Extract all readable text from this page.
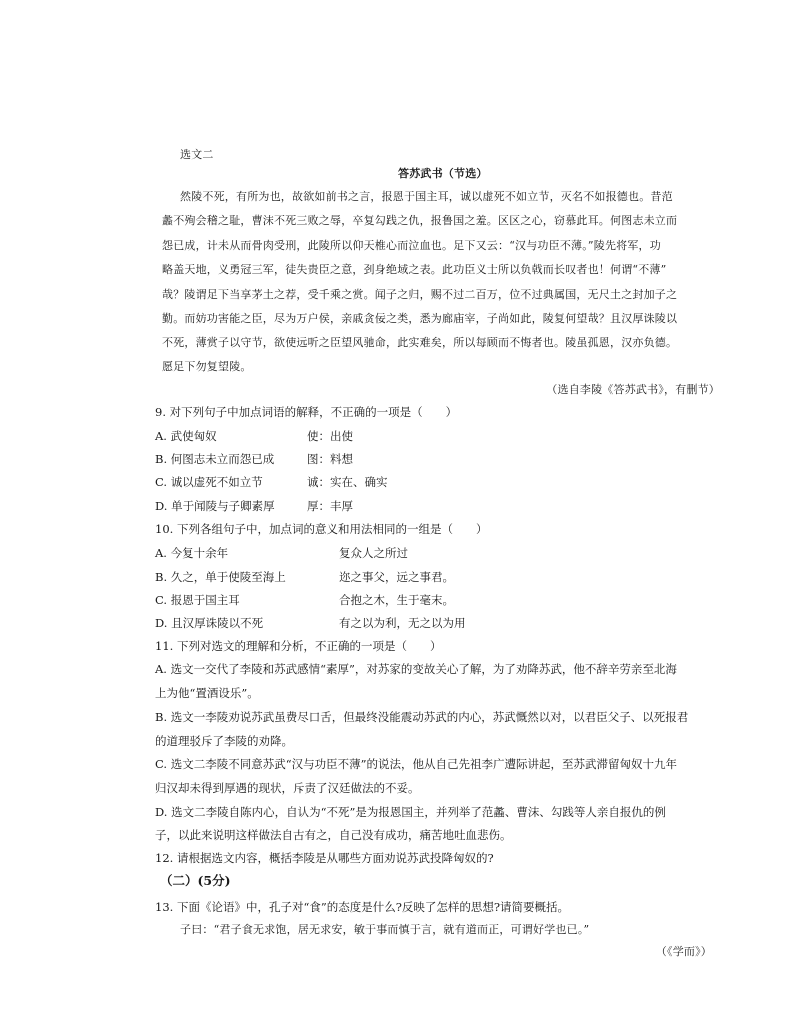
选文二
答苏武书（节选）
然陵不死，有所为也，故欲如前书之言，报恩于国主耳，诚以虚死不如立节，灭名不如报德也。昔范
蠡不殉会稽之耻，曹沫不死三败之辱，卒复勾践之仇，报鲁国之羞。区区之心，窃慕此耳。何图志未立而
怨已成，计未从而骨肉受刑，此陵所以仰天椎心而泣血也。足下又云：“汉与功臣不薄。”陵先将军，功
略盖天地，义勇冠三军，徒失贵臣之意，刭身绝域之表。此功臣义士所以负戟而长叹者也！何谓“不薄”
哉？陵谓足下当享茅土之荐，受千乘之赏。闻子之归，赐不过二百万，位不过典属国，无尺土之封加子之
勤。而妨功害能之臣，尽为万户侯，亲戚贪佞之类，悉为廊庙宰，子尚如此，陵复何望哉？且汉厚诛陵以
不死，薄赏子以守节，欲使远听之臣望风驰命，此实难矣，所以每顾而不悔者也。陵虽孤恩，汉亦负德。
愿足下勿复望陵。
（选自李陵《答苏武书》，有删节）
9. 对下列句子中加点词语的解释，不正确的一项是（　　）
A. 武使匈奴	使：出使
B. 何图志未立而怨已成	图：料想
C. 诚以虚死不如立节	诚：实在、确实
D. 单于闻陵与子卿素厚	厚：丰厚
10. 下列各组句子中，加点词的意义和用法相同的一组是（　　）
A. 今复十余年	复众人之所过
B. 久之，单于使陵至海上	迩之事父，远之事君。
C. 报恩于国主耳	合抱之木，生于毫末。
D. 且汉厚诛陵以不死	有之以为利，无之以为用
11. 下列对选文的理解和分析，不正确的一项是（　　）
A. 选文一交代了李陵和苏武感情“素厚”，对苏家的变故关心了解，为了劝降苏武，他不辞辛劳亲至北海
上为他“置酒设乐”。
B. 选文一李陵劝说苏武虽费尽口舌，但最终没能震动苏武的内心，苏武慨然以对，以君臣父子、以死报君
的道理驳斥了李陵的劝降。
C. 选文二李陵不同意苏武“汉与功臣不薄”的说法，他从自己先祖李广遭际讲起，至苏武滞留匈奴十九年
归汉却未得到厚遇的现状，斥责了汉廷做法的不妥。
D. 选文二李陵自陈内心，自认为“不死”是为报恩国主，并列举了范蠡、曹沫、勾践等人亲自报仇的例
子，以此来说明这样做法自古有之，自己没有成功，痛苦地吐血悲伤。
12. 请根据选文内容，概括李陵是从哪些方面劝说苏武投降匈奴的?
（二）(5分)
13. 下面《论语》中，孔子对“食”的态度是什么?反映了怎样的思想?请简要概括。
子曰：“君子食无求饱，居无求安，敏于事而慎于言，就有道而正，可谓好学也已。”
（《学而》）
